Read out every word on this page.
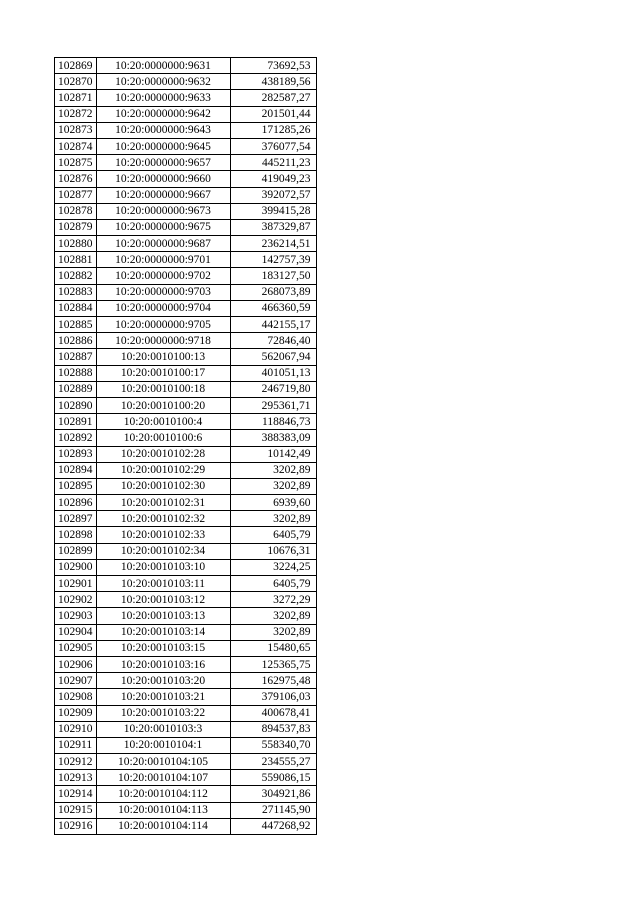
102869	10:20:0000000:9631	73692,53
102870	10:20:0000000:9632	438189,56
102871	10:20:0000000:9633	282587,27
102872	10:20:0000000:9642	201501,44
102873	10:20:0000000:9643	171285,26
102874	10:20:0000000:9645	376077,54
102875	10:20:0000000:9657	445211,23
102876	10:20:0000000:9660	419049,23
102877	10:20:0000000:9667	392072,57
102878	10:20:0000000:9673	399415,28
102879	10:20:0000000:9675	387329,87
102880	10:20:0000000:9687	236214,51
102881	10:20:0000000:9701	142757,39
102882	10:20:0000000:9702	183127,50
102883	10:20:0000000:9703	268073,89
102884	10:20:0000000:9704	466360,59
102885	10:20:0000000:9705	442155,17
102886	10:20:0000000:9718	72846,40
102887	10:20:0010100:13	562067,94
102888	10:20:0010100:17	401051,13
102889	10:20:0010100:18	246719,80
102890	10:20:0010100:20	295361,71
102891	10:20:0010100:4	118846,73
102892	10:20:0010100:6	388383,09
102893	10:20:0010102:28	10142,49
102894	10:20:0010102:29	3202,89
102895	10:20:0010102:30	3202,89
102896	10:20:0010102:31	6939,60
102897	10:20:0010102:32	3202,89
102898	10:20:0010102:33	6405,79
102899	10:20:0010102:34	10676,31
102900	10:20:0010103:10	3224,25
102901	10:20:0010103:11	6405,79
102902	10:20:0010103:12	3272,29
102903	10:20:0010103:13	3202,89
102904	10:20:0010103:14	3202,89
102905	10:20:0010103:15	15480,65
102906	10:20:0010103:16	125365,75
102907	10:20:0010103:20	162975,48
102908	10:20:0010103:21	379106,03
102909	10:20:0010103:22	400678,41
102910	10:20:0010103:3	894537,83
102911	10:20:0010104:1	558340,70
102912	10:20:0010104:105	234555,27
102913	10:20:0010104:107	559086,15
102914	10:20:0010104:112	304921,86
102915	10:20:0010104:113	271145,90
102916	10:20:0010104:114	447268,92
